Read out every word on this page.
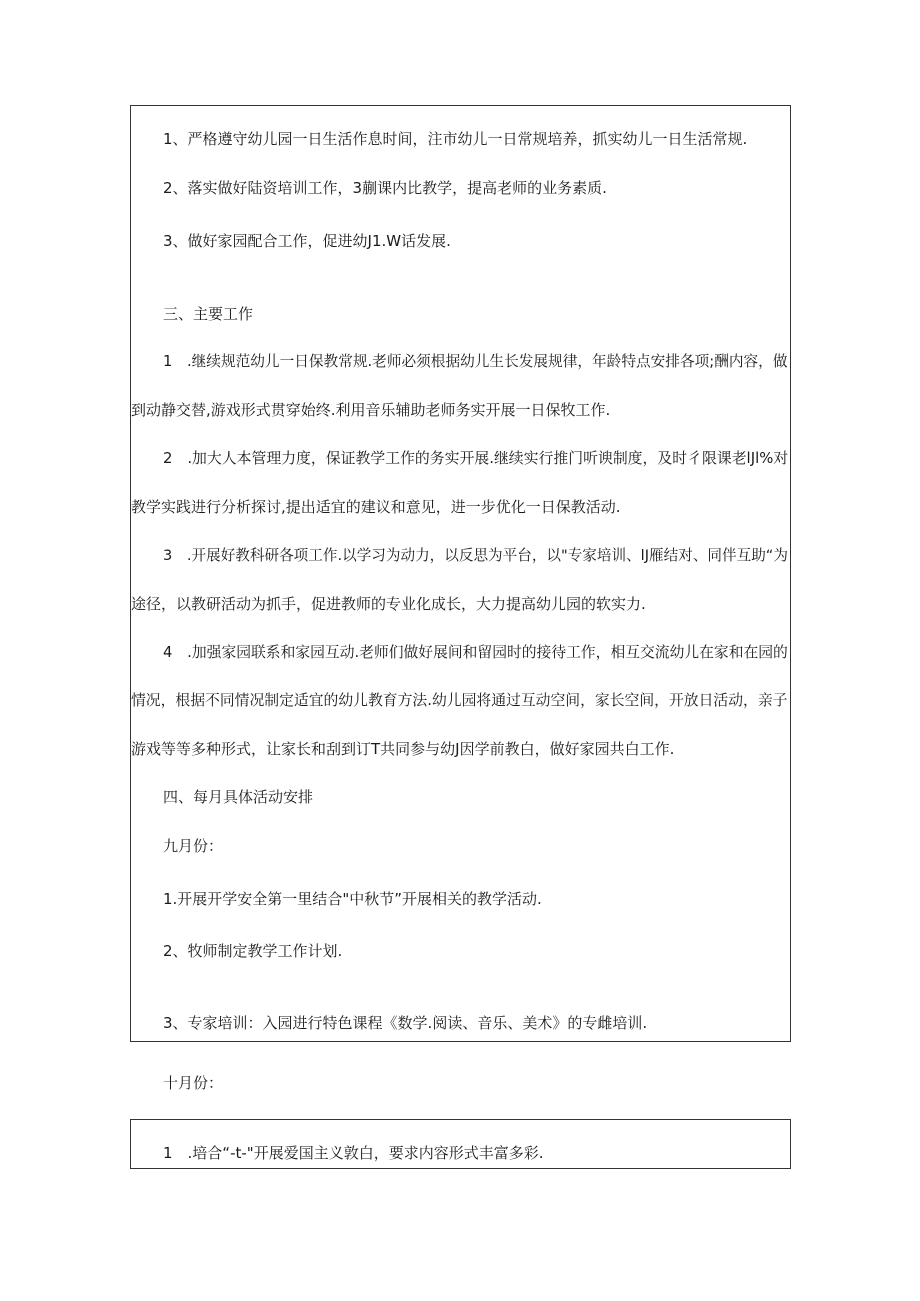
1、严格遵守幼儿园一日生活作息时间，注市幼儿一日常规培养，抓实幼儿一日生活常规.

2、落实做好陆资培训工作，3蒯课内比教学，提高老师的业务素质.

3、做好家园配合工作，促进幼J1.W话发展.

三、主要工作

1　.继续规范幼儿一日保教常规.老师必须根据幼儿生长发展规律，年龄特点安排各项;酬内容，做

到动静交替,游戏形式贯穿始终.利用音乐辅助老师务实开展一日保牧工作.

2　.加大人本管理力度，保证教学工作的务实开展.继续实行推门听谀制度，及时彳限课老lJl%对

教学实践进行分析探讨,提出适宜的建议和意见，进一步优化一日保教活动.

3　.开展好教科研各项工作.以学习为动力，以反思为平台，以"专家培训、lJ雁结对、同伴互助“为

途径，以教研活动为抓手，促进教师的专业化成长，大力提高幼儿园的软实力.

4　.加强家园联系和家园互动.老师们做好展间和留园时的接待工作，相互交流幼儿在家和在园的

情况，根据不同情况制定适宜的幼儿教育方法.幼儿园将通过互动空间，家长空间，开放日活动，亲子

游戏等等多种形式，让家长和刮到订T共同参与幼J因学前教白，做好家园共白工作.

四、每月具体活动安排

九月份：

1.开展开学安全第一里结合"中秋节”开展相关的教学活动.

2、牧师制定教学工作计划.

3、专家培训：入园进行特色课程《数学.阅读、音乐、美术》的专雌培训.

十月份：

1　.培合“-t-"开展爱国主义敦白，要求内容形式丰富多彩.
